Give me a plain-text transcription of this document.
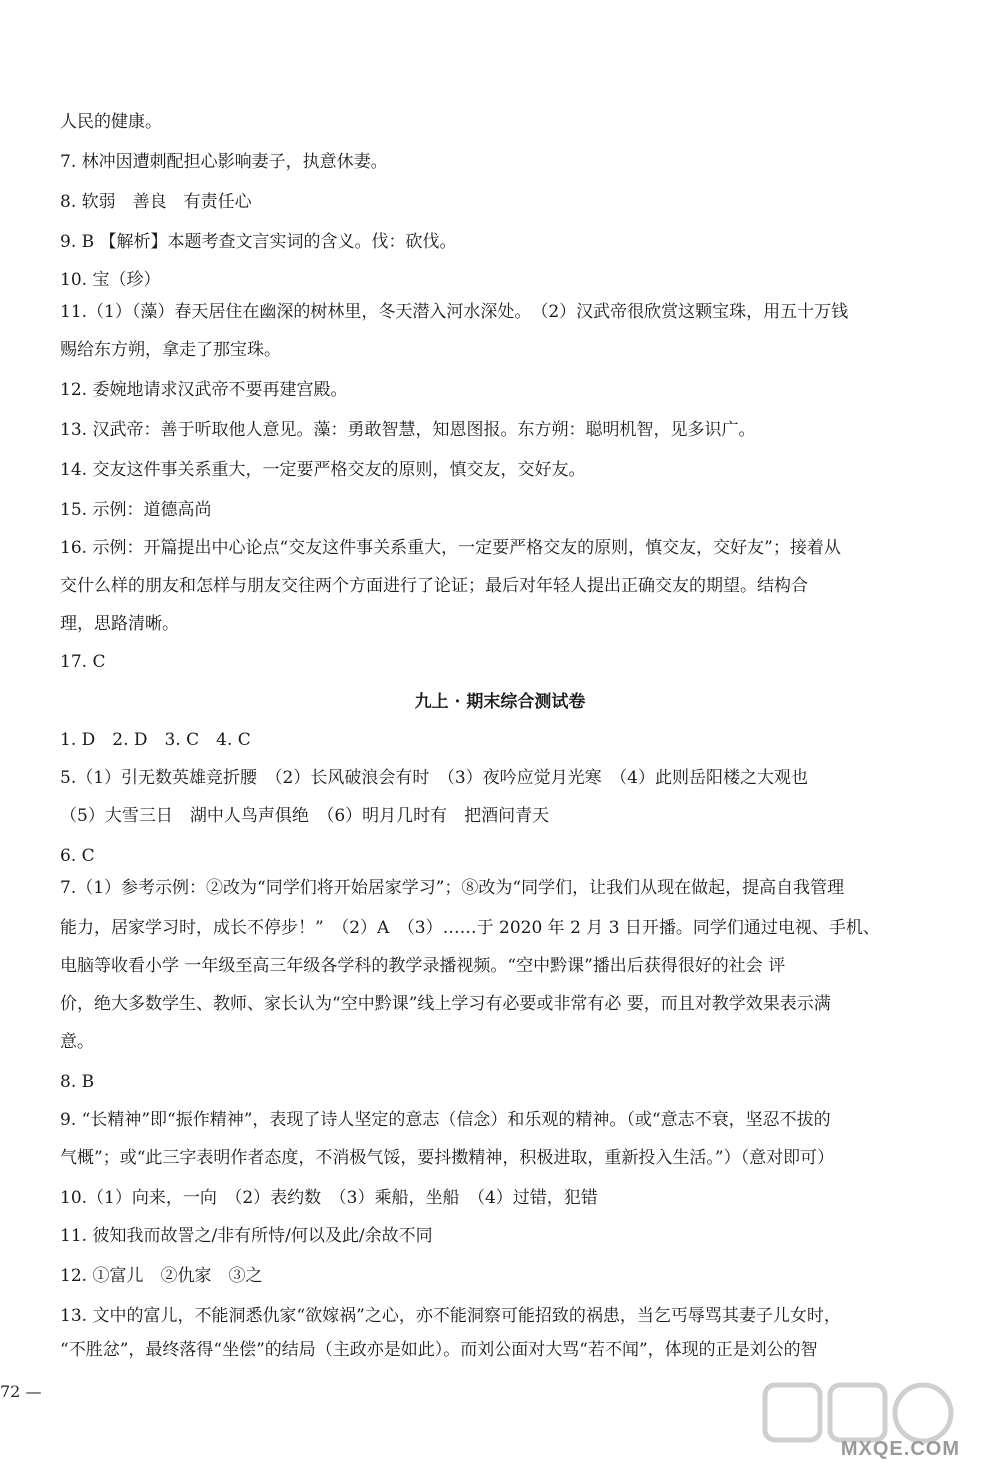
人民的健康。
7. 林冲因遭刺配担心影响妻子，执意休妻。
8. 软弱　善良　有责任心
9. B 【解析】本题考查文言实词的含义。伐：砍伐。
10. 宝（珍）
11.（1）（藻）春天居住在幽深的树林里，冬天潜入河水深处。　（2）汉武帝很欣赏这颗宝珠，用五十万钱
赐给东方朔，拿走了那宝珠。
12. 委婉地请求汉武帝不要再建宫殿。
13. 汉武帝：善于听取他人意见。藻：勇敢智慧，知恩图报。东方朔：聪明机智，见多识广。
14. 交友这件事关系重大，一定要严格交友的原则，慎交友，交好友。
15. 示例：道德高尚
16. 示例：开篇提出中心论点“交友这件事关系重大，一定要严格交友的原则，慎交友，交好友”；接着从
交什么样的朋友和怎样与朋友交往两个方面进行了论证；最后对年轻人提出正确交友的期望。结构合
理，思路清晰。
17. C
九上 · 期末综合测试卷
1. D　2. D　3. C　4. C
5.（1）引无数英雄竞折腰　（2）长风破浪会有时　（3）夜吟应觉月光寒　（4）此则岳阳楼之大观也
（5）大雪三日　湖中人鸟声俱绝　（6）明月几时有　把酒问青天
6. C
7.（1）参考示例：②改为“同学们将开始居家学习”；⑧改为“同学们，让我们从现在做起，提高自我管理
能力，居家学习时，成长不停步！”　（2）A　（3）……于 2020 年 2 月 3 日开播。同学们通过电视、手机、
电脑等收看小学 一年级至高三年级各学科的教学录播视频。“空中黔课”播出后获得很好的社会 评
价，绝大多数学生、教师、家长认为“空中黔课”线上学习有必要或非常有必 要，而且对教学效果表示满
意。
8. B
9. “长精神”即“振作精神”，表现了诗人坚定的意志（信念）和乐观的精神。（或“意志不衰，坚忍不拔的
气概”；或“此三字表明作者态度，不消极气馁，要抖擞精神，积极进取，重新投入生活。”）（意对即可）
10.（1）向来，一向　（2）表约数　（3）乘船，坐船　（4）过错，犯错
11. 彼知我而故詈之/非有所恃/何以及此/余故不同
12. ①富儿　②仇家　③之
13. 文中的富儿，不能洞悉仇家“欲嫁祸”之心，亦不能洞察可能招致的祸患，当乞丐辱骂其妻子儿女时，
“不胜忿”，最终落得“坐偿”的结局（主政亦是如此）。而刘公面对大骂“若不闻”，体现的正是刘公的智
72 —
MXQE.COM
